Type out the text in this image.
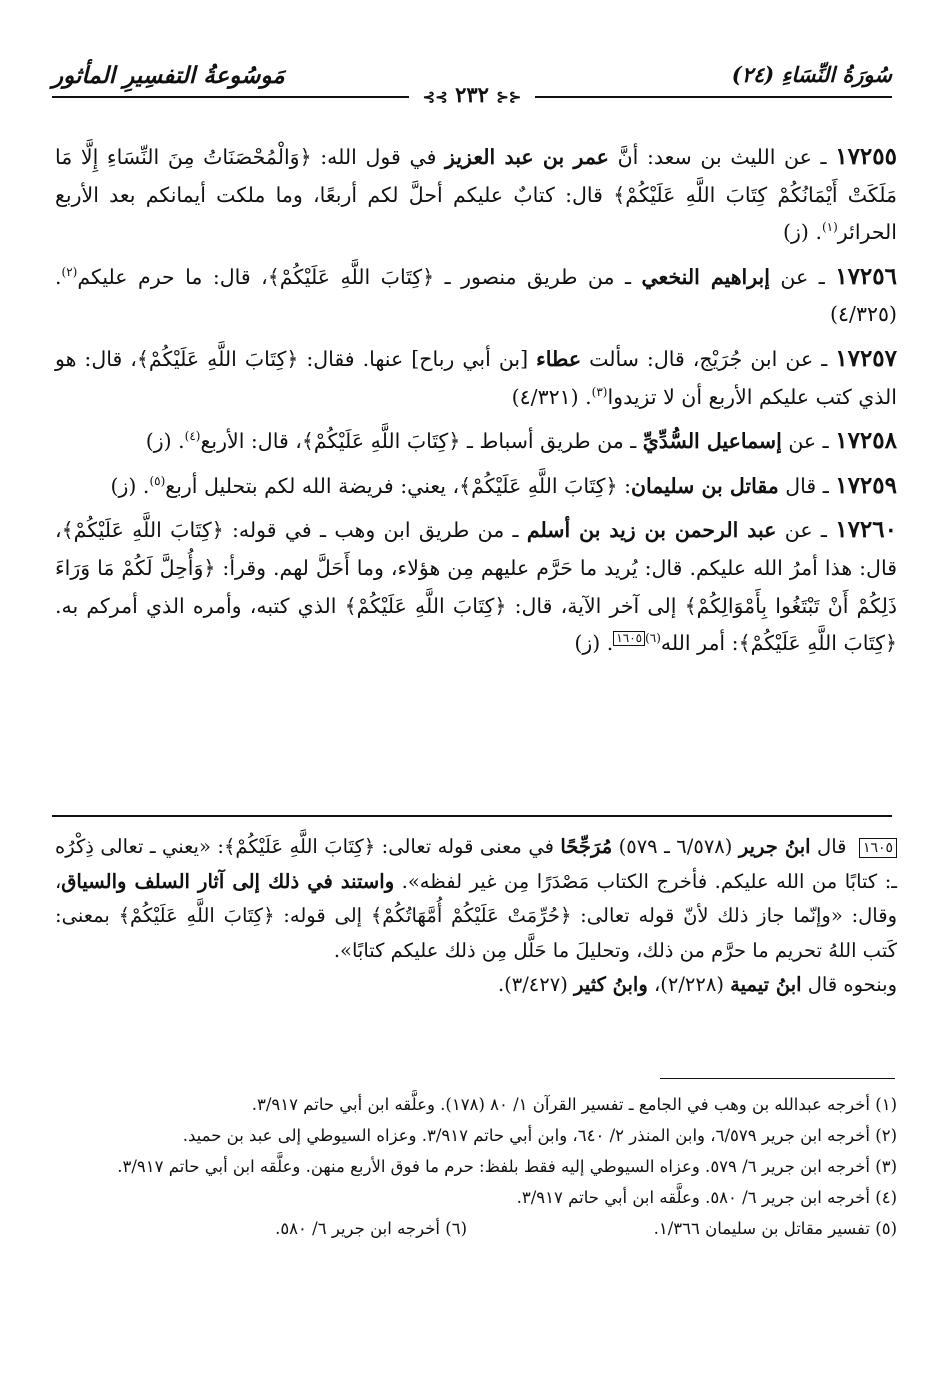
سُورَةُ النِّسَاءِ (٢٤)
مَوسُوعةُ التفسِيرِ المأثور
⊰⊰ ٢٣٢ ⊱⊱

١٧٢٥٥ ـ عن الليث بن سعد: أنَّ عمر بن عبد العزيز في قول الله: ﴿وَالْمُحْصَنَاتُ مِنَ النِّسَاءِ إِلَّا مَا مَلَكَتْ أَيْمَانُكُمْ كِتَابَ اللَّهِ عَلَيْكُمْ﴾ قال: كتابٌ عليكم أحلَّ لكم أربعًا، وما ملكت أيمانكم بعد الأربع الحرائر$^{(١)}$. (ز)

١٧٢٥٦ ـ عن إبراهيم النخعي ـ من طريق منصور ـ ﴿كِتَابَ اللَّهِ عَلَيْكُمْ﴾، قال: ما حرم عليكم$^{(٢)}$. (٤/٣٢٥)

١٧٢٥٧ ـ عن ابن جُرَيْج، قال: سألت عطاء [بن أبي رباح] عنها. فقال: ﴿كِتَابَ اللَّهِ عَلَيْكُمْ﴾، قال: هو الذي كتب عليكم الأربع أن لا تزيدوا$^{(٣)}$. (٤/٣٢١)

١٧٢٥٨ ـ عن إسماعيل السُّدِّيِّ ـ من طريق أسباط ـ ﴿كِتَابَ اللَّهِ عَلَيْكُمْ﴾، قال: الأربع$^{(٤)}$. (ز)

١٧٢٥٩ ـ قال مقاتل بن سليمان: ﴿كِتَابَ اللَّهِ عَلَيْكُمْ﴾، يعني: فريضة الله لكم بتحليل أربع$^{(٥)}$. (ز)

١٧٢٦٠ ـ عن عبد الرحمن بن زيد بن أسلم ـ من طريق ابن وهب ـ في قوله: ﴿كِتَابَ اللَّهِ عَلَيْكُمْ﴾، قال: هذا أمرُ الله عليكم. قال: يُريد ما حَرَّم عليهم مِن هؤلاء، وما أَحَلَّ لهم. وقرأ: ﴿وَأُحِلَّ لَكُمْ مَا وَرَاءَ ذَلِكُمْ أَنْ تَبْتَغُوا بِأَمْوَالِكُمْ﴾ إلى آخر الآية، قال: ﴿كِتَابَ اللَّهِ عَلَيْكُمْ﴾ الذي كتبه، وأمره الذي أمركم به. ﴿كِتَابَ اللَّهِ عَلَيْكُمْ﴾: أمر الله$^{(٦)}$١٦٠٥. (ز)

١٦٠٥ قال ابنُ جرير (٦/٥٧٨ ـ ٥٧٩) مُرَجِّحًا في معنى قوله تعالى: ﴿كِتَابَ اللَّهِ عَلَيْكُمْ﴾: «يعني ـ تعالى ذِكْرُه ـ: كتابًا من الله عليكم. فأخرج الكتاب مَصْدَرًا مِن غير لفظه». واستند في ذلك إلى آثار السلف والسياق، وقال: «وإنّما جاز ذلك لأنّ قوله تعالى: ﴿حُرِّمَتْ عَلَيْكُمْ أُمَّهَاتُكُمْ﴾ إلى قوله: ﴿كِتَابَ اللَّهِ عَلَيْكُمْ﴾ بمعنى: كَتب اللهُ تحريم ما حرَّم من ذلك، وتحليلَ ما حَلَّل مِن ذلك عليكم كتابًا».

وبنحوه قال ابنُ تيمية (٢/٢٢٨)، وابنُ كثير (٣/٤٢٧).

(١) أخرجه عبدالله بن وهب في الجامع ـ تفسير القرآن ١/ ٨٠ (١٧٨). وعلَّقه ابن أبي حاتم ٣/٩١٧.

(٢) أخرجه ابن جرير ٦/٥٧٩، وابن المنذر ٢/ ٦٤٠، وابن أبي حاتم ٣/٩١٧. وعزاه السيوطي إلى عبد بن حميد.

(٣) أخرجه ابن جرير ٦/ ٥٧٩. وعزاه السيوطي إليه فقط بلفظ: حرم ما فوق الأربع منهن. وعلَّقه ابن أبي حاتم ٣/٩١٧.

(٤) أخرجه ابن جرير ٦/ ٥٨٠. وعلَّقه ابن أبي حاتم ٣/٩١٧.

(٥) تفسير مقاتل بن سليمان ١/٣٦٦.
(٦) أخرجه ابن جرير ٦/ ٥٨٠.
